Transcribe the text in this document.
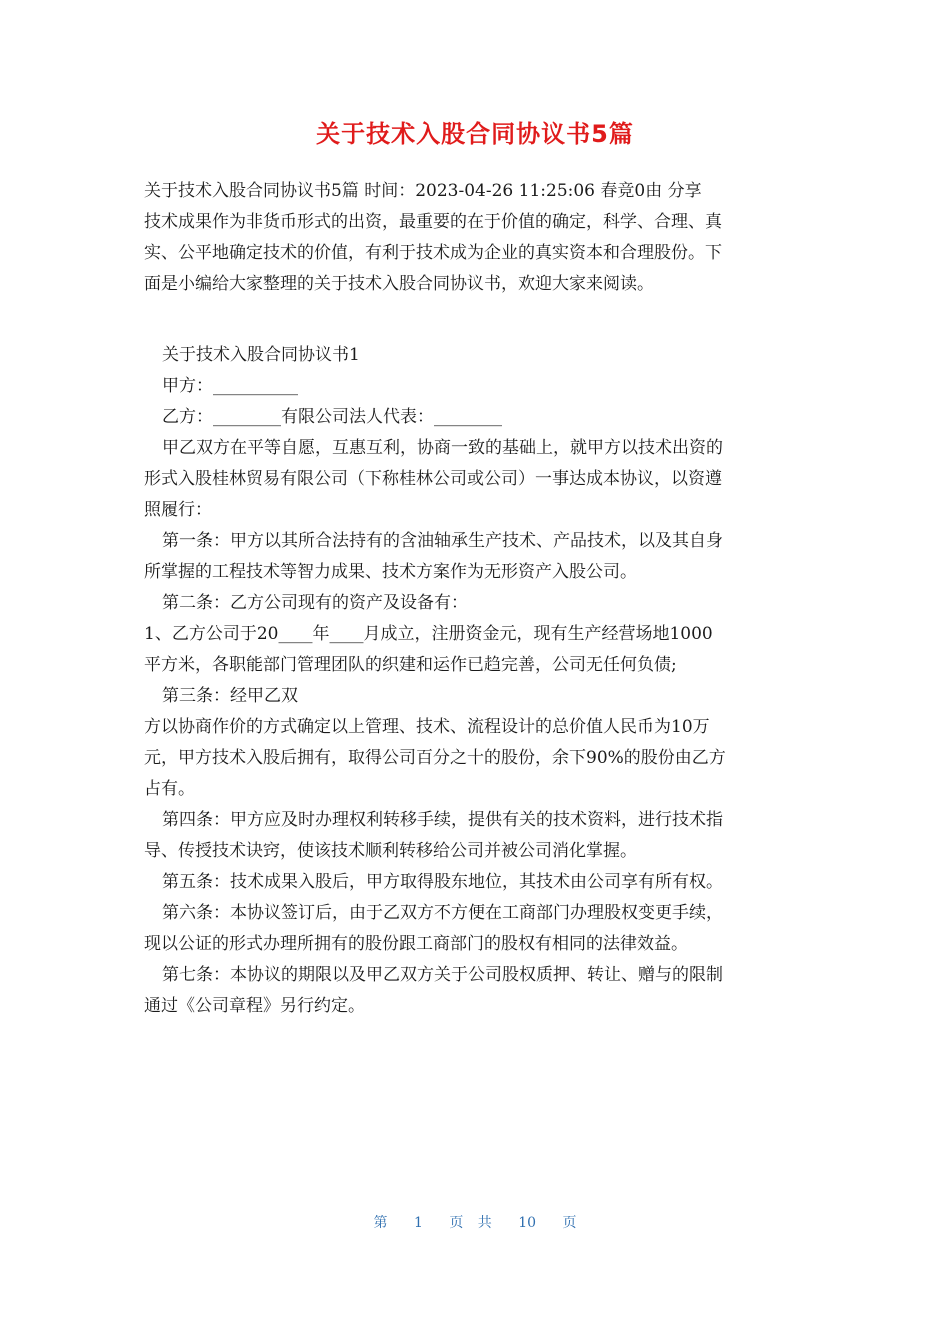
关于技术入股合同协议书5篇
关于技术入股合同协议书5篇 时间：2023-04-26 11:25:06 春竞0由 分享
技术成果作为非货币形式的出资，最重要的在于价值的确定，科学、合理、真
实、公平地确定技术的价值，有利于技术成为企业的真实资本和合理股份。下
面是小编给大家整理的关于技术入股合同协议书，欢迎大家来阅读。
关于技术入股合同协议书1
甲方：__________
乙方：________有限公司法人代表：________
甲乙双方在平等自愿，互惠互利，协商一致的基础上，就甲方以技术出资的
形式入股桂林贸易有限公司（下称桂林公司或公司）一事达成本协议，以资遵
照履行：
第一条：甲方以其所合法持有的含油轴承生产技术、产品技术，以及其自身
所掌握的工程技术等智力成果、技术方案作为无形资产入股公司。
第二条：乙方公司现有的资产及设备有：
1、乙方公司于20____年____月成立，注册资金元，现有生产经营场地1000
平方米，各职能部门管理团队的织建和运作已趋完善，公司无任何负债;
第三条：经甲乙双
方以协商作价的方式确定以上管理、技术、流程设计的总价值人民币为10万
元，甲方技术入股后拥有，取得公司百分之十的股份，余下90%的股份由乙方
占有。
第四条：甲方应及时办理权利转移手续，提供有关的技术资料，进行技术指
导、传授技术诀窍，使该技术顺利转移给公司并被公司消化掌握。
第五条：技术成果入股后，甲方取得股东地位，其技术由公司享有所有权。
第六条：本协议签订后，由于乙双方不方便在工商部门办理股权变更手续，
现以公证的形式办理所拥有的股份跟工商部门的股权有相同的法律效益。
第七条：本协议的期限以及甲乙双方关于公司股权质押、转让、赠与的限制
通过《公司章程》另行约定。
第 1 页 共 10 页
